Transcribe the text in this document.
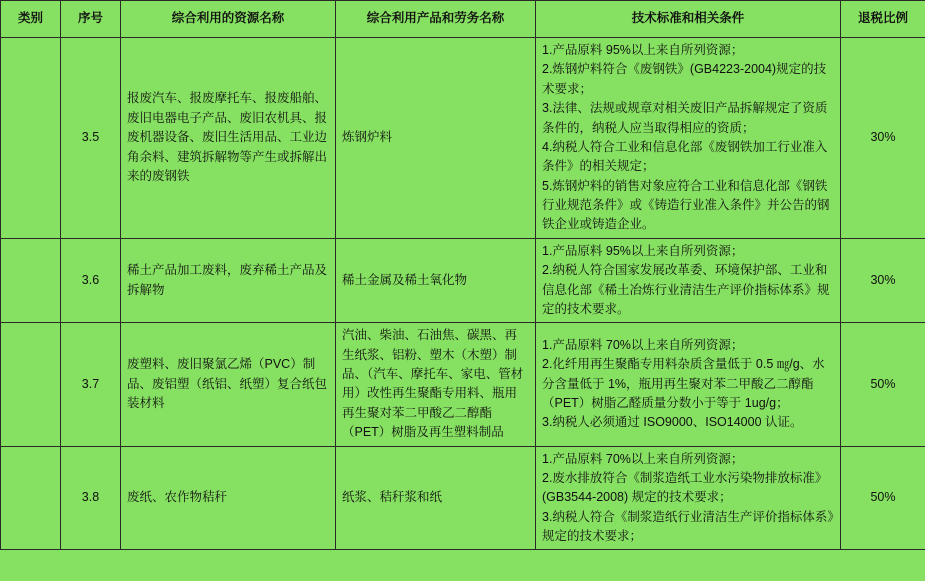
类别	序号	综合利用的资源名称	综合利用产品和劳务名称	技术标准和相关条件	退税比例
	3.5	报废汽车、报废摩托车、报废船舶、废旧电器电子产品、废旧农机具、报废机器设备、废旧生活用品、工业边角余料、建筑拆解物等产生或拆解出来的废钢铁	炼钢炉料	1.产品原料 95%以上来自所列资源；
2.炼钢炉料符合《废钢铁》(GB4223-2004)规定的技术要求；
3.法律、法规或规章对相关废旧产品拆解规定了资质条件的，纳税人应当取得相应的资质；
4.纳税人符合工业和信息化部《废钢铁加工行业准入条件》的相关规定；
5.炼钢炉料的销售对象应符合工业和信息化部《钢铁行业规范条件》或《铸造行业准入条件》并公告的钢铁企业或铸造企业。	30%
	3.6	稀土产品加工废料，废弃稀土产品及拆解物	稀土金属及稀土氧化物	1.产品原料 95%以上来自所列资源；
2.纳税人符合国家发展改革委、环境保护部、工业和信息化部《稀土冶炼行业清洁生产评价指标体系》规定的技术要求。	30%
	3.7	废塑料、废旧聚氯乙烯（PVC）制品、废铝塑（纸铝、纸塑）复合纸包装材料	汽油、柴油、石油焦、碳黑、再生纸浆、铝粉、塑木（木塑）制品、（汽车、摩托车、家电、管材用）改性再生聚酯专用料、瓶用再生聚对苯二甲酸乙二醇酯（PET）树脂及再生塑料制品	1.产品原料 70%以上来自所列资源；
2.化纤用再生聚酯专用料杂质含量低于 0.5 ㎎/g、水分含量低于 1%，瓶用再生聚对苯二甲酸乙二醇酯（PET）树脂乙醛质量分数小于等于 1ug/g；
3.纳税人必须通过 ISO9000、ISO14000 认证。	50%
	3.8	废纸、农作物秸秆	纸浆、秸秆浆和纸	1.产品原料 70%以上来自所列资源；
2.废水排放符合《制浆造纸工业水污染物排放标准》(GB3544-2008) 规定的技术要求；
3.纳税人符合《制浆造纸行业清洁生产评价指标体系》规定的技术要求；	50%
